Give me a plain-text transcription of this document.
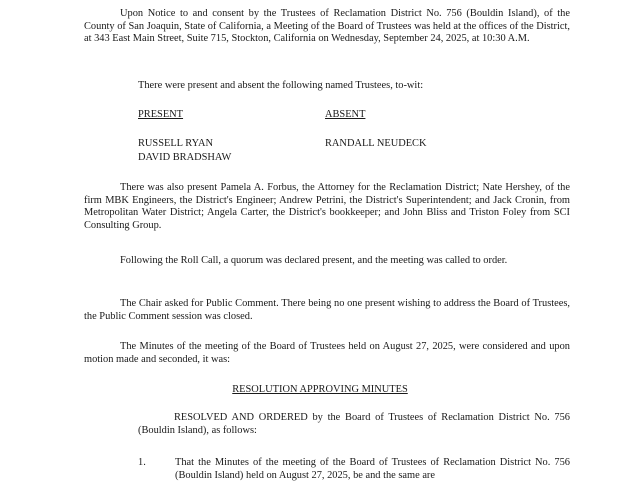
Upon Notice to and consent by the Trustees of Reclamation District No. 756 (Bouldin Island), of the County of San Joaquin, State of California, a Meeting of the Board of Trustees was held at the offices of the District, at 343 East Main Street, Suite 715, Stockton, California on Wednesday, September 24, 2025, at 10:30 A.M.
There were present and absent the following named Trustees, to-wit:
PRESENT	ABSENT
RUSSELL RYAN
DAVID BRADSHAW
RANDALL NEUDECK
There was also present Pamela A. Forbus, the Attorney for the Reclamation District; Nate Hershey, of the firm MBK Engineers, the District's Engineer; Andrew Petrini, the District's Superintendent; and Jack Cronin, from Metropolitan Water District; Angela Carter, the District's bookkeeper; and John Bliss and Triston Foley from SCI Consulting Group.
Following the Roll Call, a quorum was declared present, and the meeting was called to order.
The Chair asked for Public Comment. There being no one present wishing to address the Board of Trustees, the Public Comment session was closed.
The Minutes of the meeting of the Board of Trustees held on August 27, 2025, were considered and upon motion made and seconded, it was:
RESOLUTION APPROVING MINUTES
RESOLVED AND ORDERED by the Board of Trustees of Reclamation District No. 756 (Bouldin Island), as follows:
1.	That the Minutes of the meeting of the Board of Trustees of Reclamation District No. 756 (Bouldin Island) held on August 27, 2025, be and the same are
